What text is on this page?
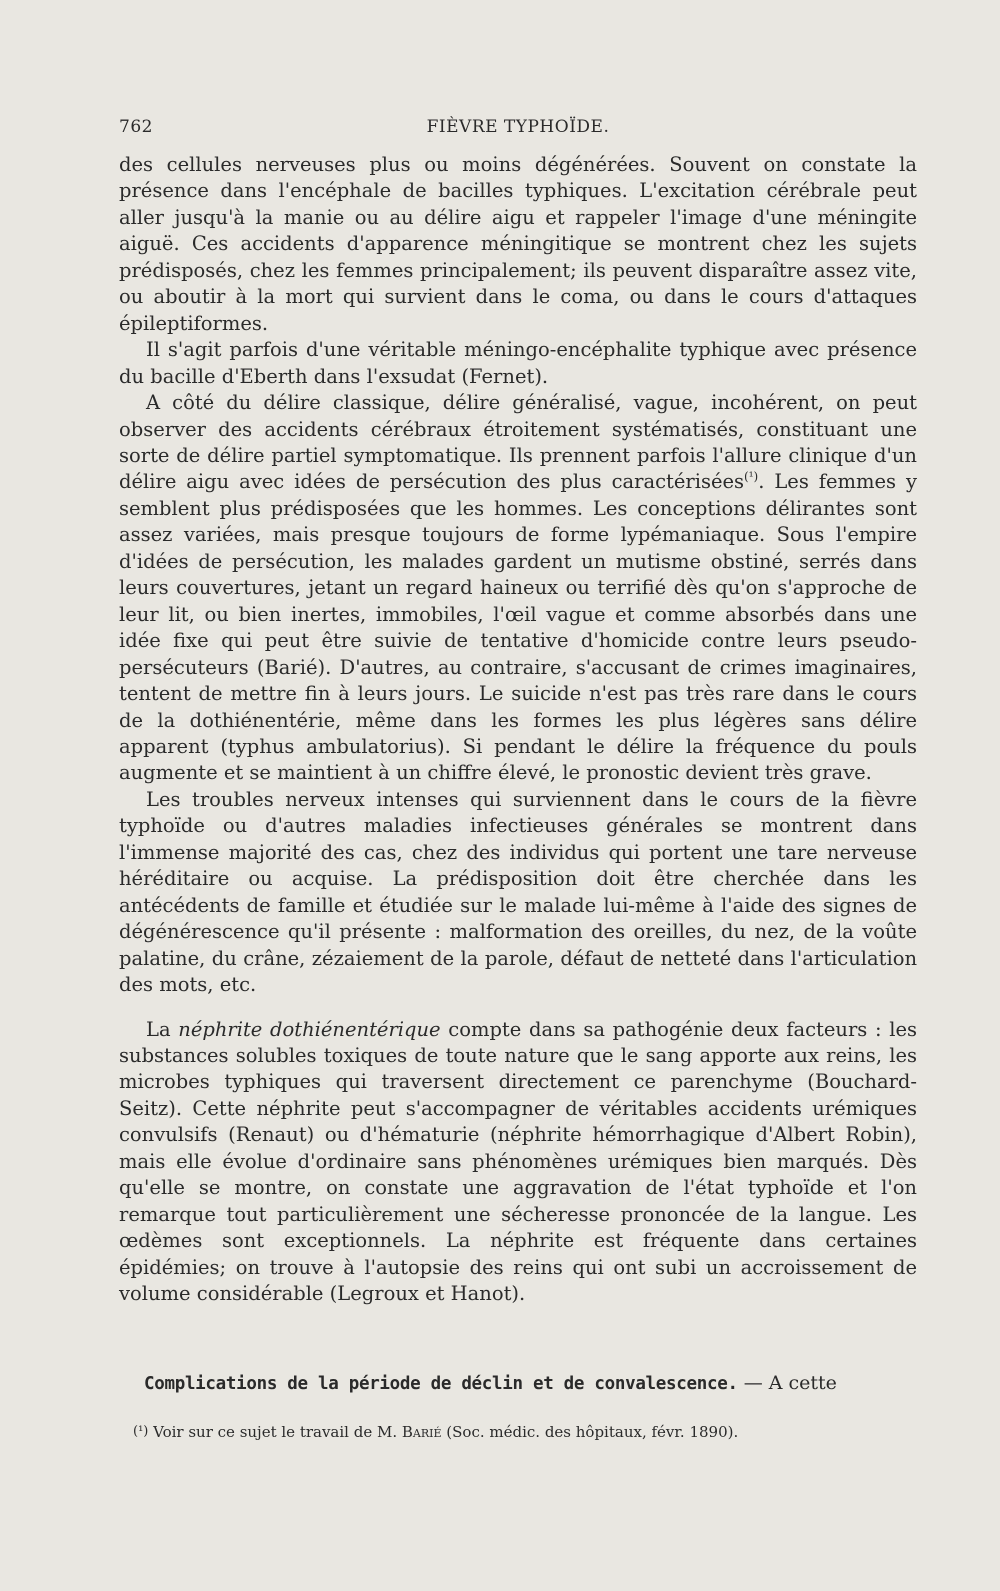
762	FIÈVRE TYPHOÏDE.

des cellules nerveuses plus ou moins dégénérées. Souvent on constate la présence dans l'encéphale de bacilles typhiques. L'excitation cérébrale peut aller jusqu'à la manie ou au délire aigu et rappeler l'image d'une méningite aiguë. Ces accidents d'apparence méningitique se montrent chez les sujets prédisposés, chez les femmes principalement; ils peuvent disparaître assez vite, ou aboutir à la mort qui survient dans le coma, ou dans le cours d'attaques épileptiformes.

Il s'agit parfois d'une véritable méningo-encéphalite typhique avec présence du bacille d'Eberth dans l'exsudat (Fernet).

A côté du délire classique, délire généralisé, vague, incohérent, on peut observer des accidents cérébraux étroitement systématisés, constituant une sorte de délire partiel symptomatique. Ils prennent parfois l'allure clinique d'un délire aigu avec idées de persécution des plus caractérisées$^{(^1)}$. Les femmes y semblent plus prédisposées que les hommes. Les conceptions délirantes sont assez variées, mais presque toujours de forme lypémaniaque. Sous l'empire d'idées de persécution, les malades gardent un mutisme obstiné, serrés dans leurs couvertures, jetant un regard haineux ou terrifié dès qu'on s'approche de leur lit, ou bien inertes, immobiles, l'œil vague et comme absorbés dans une idée fixe qui peut être suivie de tentative d'homicide contre leurs pseudo-persécuteurs (Barié). D'autres, au contraire, s'accusant de crimes imaginaires, tentent de mettre fin à leurs jours. Le suicide n'est pas très rare dans le cours de la dothiénentérie, même dans les formes les plus légères sans délire apparent (typhus ambulatorius). Si pendant le délire la fréquence du pouls augmente et se maintient à un chiffre élevé, le pronostic devient très grave.

Les troubles nerveux intenses qui surviennent dans le cours de la fièvre typhoïde ou d'autres maladies infectieuses générales se montrent dans l'immense majorité des cas, chez des individus qui portent une tare nerveuse héréditaire ou acquise. La prédisposition doit être cherchée dans les antécédents de famille et étudiée sur le malade lui-même à l'aide des signes de dégénérescence qu'il présente : malformation des oreilles, du nez, de la voûte palatine, du crâne, zézaiement de la parole, défaut de netteté dans l'articulation des mots, etc.

La néphrite dothiénentérique compte dans sa pathogénie deux facteurs : les substances solubles toxiques de toute nature que le sang apporte aux reins, les microbes typhiques qui traversent directement ce parenchyme (Bouchard-Seitz). Cette néphrite peut s'accompagner de véritables accidents urémiques convulsifs (Renaut) ou d'hématurie (néphrite hémorrhagique d'Albert Robin), mais elle évolue d'ordinaire sans phénomènes urémiques bien marqués. Dès qu'elle se montre, on constate une aggravation de l'état typhoïde et l'on remarque tout particulièrement une sécheresse prononcée de la langue. Les œdèmes sont exceptionnels. La néphrite est fréquente dans certaines épidémies; on trouve à l'autopsie des reins qui ont subi un accroissement de volume considérable (Legroux et Hanot).

Complications de la période de déclin et de convalescence. — A cette

(¹) Voir sur ce sujet le travail de M. Barié (Soc. médic. des hôpitaux, févr. 1890).
